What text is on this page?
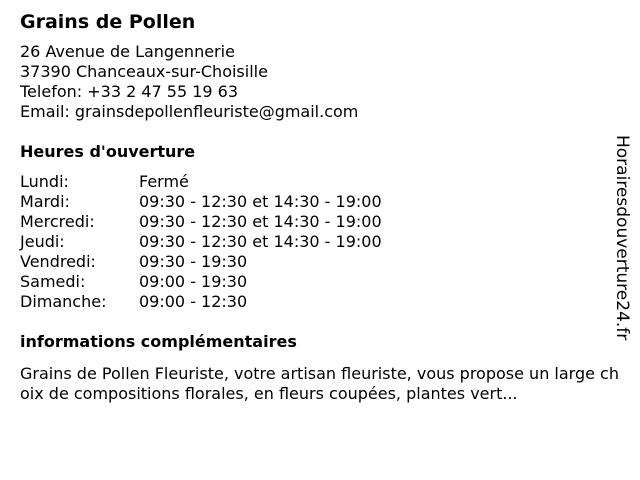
Grains de Pollen
26 Avenue de Langennerie
37390 Chanceaux-sur-Choisille
Telefon: +33 2 47 55 19 63
Email: grainsdepollenfleuriste@gmail.com
Heures d'ouverture
Lundi:	Fermé
Mardi:	09:30 - 12:30 et 14:30 - 19:00
Mercredi:	09:30 - 12:30 et 14:30 - 19:00
Jeudi:	09:30 - 12:30 et 14:30 - 19:00
Vendredi:	09:30 - 19:30
Samedi:	09:00 - 19:30
Dimanche:	09:00 - 12:30
informations complémentaires
Grains de Pollen Fleuriste, votre artisan fleuriste, vous propose un large choix de compositions florales, en fleurs coupées, plantes vert...
Horairesdouverture24.fr
